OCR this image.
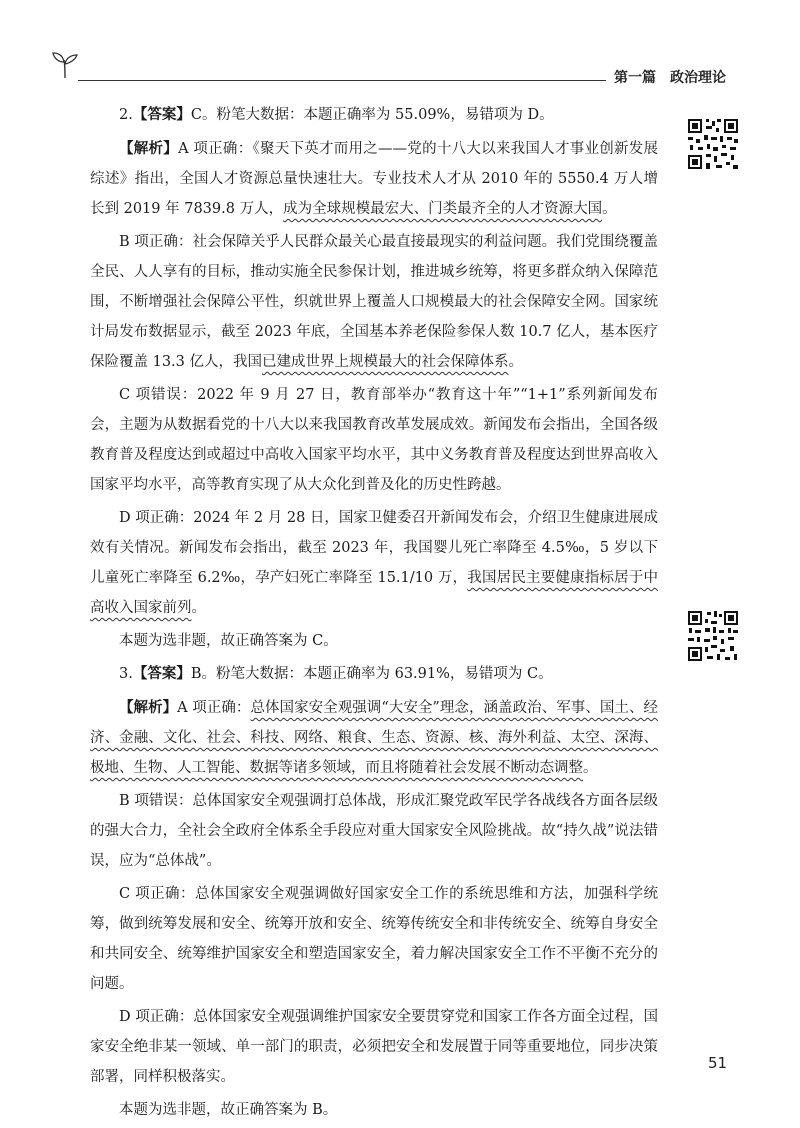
第一篇　政治理论

2.【答案】C。粉笔大数据：本题正确率为 55.09%，易错项为 D。

【解析】A 项正确：《聚天下英才而用之——党的十八大以来我国人才事业创新发展综述》指出，全国人才资源总量快速壮大。专业技术人才从 2010 年的 5550.4 万人增长到 2019 年 7839.8 万人，成为全球规模最宏大、门类最齐全的人才资源大国。

B 项正确：社会保障关乎人民群众最关心最直接最现实的利益问题。我们党围绕覆盖全民、人人享有的目标，推动实施全民参保计划，推进城乡统筹，将更多群众纳入保障范围，不断增强社会保障公平性，织就世界上覆盖人口规模最大的社会保障安全网。国家统计局发布数据显示，截至 2023 年底，全国基本养老保险参保人数 10.7 亿人，基本医疗保险覆盖 13.3 亿人，我国已建成世界上规模最大的社会保障体系。

C 项错误：2022 年 9 月 27 日，教育部举办“教育这十年”“1+1”系列新闻发布会，主题为从数据看党的十八大以来我国教育改革发展成效。新闻发布会指出，全国各级教育普及程度达到或超过中高收入国家平均水平，其中义务教育普及程度达到世界高收入国家平均水平，高等教育实现了从大众化到普及化的历史性跨越。

D 项正确：2024 年 2 月 28 日，国家卫健委召开新闻发布会，介绍卫生健康进展成效有关情况。新闻发布会指出，截至 2023 年，我国婴儿死亡率降至 4.5‰，5 岁以下儿童死亡率降至 6.2‰，孕产妇死亡率降至 15.1/10 万，我国居民主要健康指标居于中高收入国家前列。

本题为选非题，故正确答案为 C。

3.【答案】B。粉笔大数据：本题正确率为 63.91%，易错项为 C。

【解析】A 项正确：总体国家安全观强调“大安全”理念，涵盖政治、军事、国土、经济、金融、文化、社会、科技、网络、粮食、生态、资源、核、海外利益、太空、深海、极地、生物、人工智能、数据等诸多领域，而且将随着社会发展不断动态调整。

B 项错误：总体国家安全观强调打总体战，形成汇聚党政军民学各战线各方面各层级的强大合力，全社会全政府全体系全手段应对重大国家安全风险挑战。故“持久战”说法错误，应为“总体战”。

C 项正确：总体国家安全观强调做好国家安全工作的系统思维和方法，加强科学统筹，做到统筹发展和安全、统筹开放和安全、统筹传统安全和非传统安全、统筹自身安全和共同安全、统筹维护国家安全和塑造国家安全，着力解决国家安全工作不平衡不充分的问题。

D 项正确：总体国家安全观强调维护国家安全要贯穿党和国家工作各方面全过程，国家安全绝非某一领域、单一部门的职责，必须把安全和发展置于同等重要地位，同步决策部署，同样积极落实。

本题为选非题，故正确答案为 B。

51
